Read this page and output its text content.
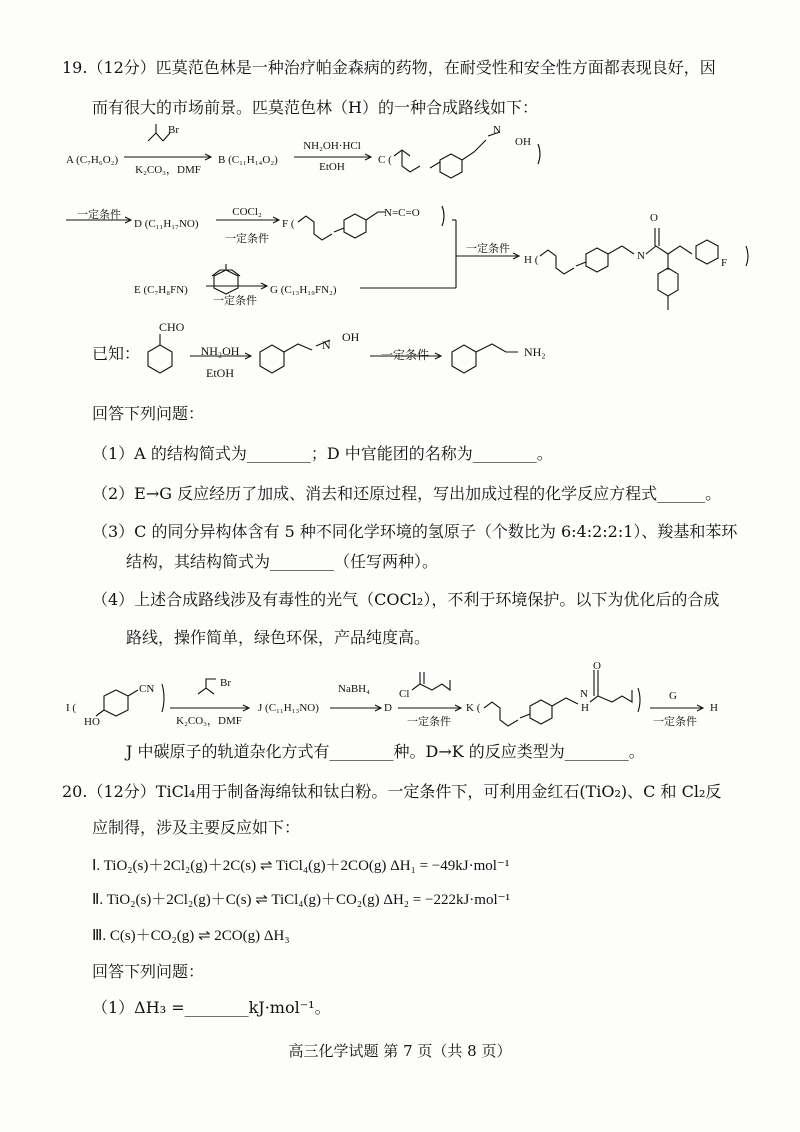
19.（12分）匹莫范色林是一种治疗帕金森病的药物，在耐受性和安全性方面都表现良好，因
而有很大的市场前景。匹莫范色林（H）的一种合成路线如下：
A (C₇H₆O₂)
Br
K₂CO₃，DMF
B (C₁₁H₁₄O₂)
NH₂OH·HCl
EtOH
C (
N
OH
一定条件
D (C₁₁H₁₇NO)
COCl₂
一定条件
F (
N=C=O
一定条件
H (	N
O
F
E (C₇H₈FN)
一定条件
G (C₁₃H₁₉FN₂)
已知：
CHO
NH₂OH
EtOH
N
OH
一定条件	NH₂
回答下列问题：
（1）A 的结构简式为________；D 中官能团的名称为________。
（2）E→G 反应经历了加成、消去和还原过程，写出加成过程的化学反应方程式______。
（3）C 的同分异构体含有 5 种不同化学环境的氢原子（个数比为 6:4:2:2:1）、羧基和苯环
结构，其结构简式为________（任写两种）。
（4）上述合成路线涉及有毒性的光气（COCl₂），不利于环境保护。以下为优化后的合成
路线，操作简单，绿色环保，产品纯度高。
I (
CN
HO
Br
K₂CO₃，DMF
J (C₁₁H₁₃NO)
NaBH₄
D
一定条件
Cl
K (
N
H
O
G
一定条件
H
J 中碳原子的轨道杂化方式有________种。D→K 的反应类型为________。
20.（12分）TiCl₄用于制备海绵钛和钛白粉。一定条件下，可利用金红石(TiO₂)、C 和 Cl₂反
应制得，涉及主要反应如下：
Ⅰ. TiO₂(s)＋2Cl₂(g)＋2C(s) ⇌ TiCl₄(g)＋2CO(g) ΔH₁ = −49kJ·mol⁻¹
Ⅱ. TiO₂(s)＋2Cl₂(g)＋C(s) ⇌ TiCl₄(g)＋CO₂(g) ΔH₂ = −222kJ·mol⁻¹
Ⅲ. C(s)＋CO₂(g) ⇌ 2CO(g) ΔH₃
回答下列问题：
（1）ΔH₃ =________kJ·mol⁻¹。
高三化学试题 第 7 页（共 8 页）
